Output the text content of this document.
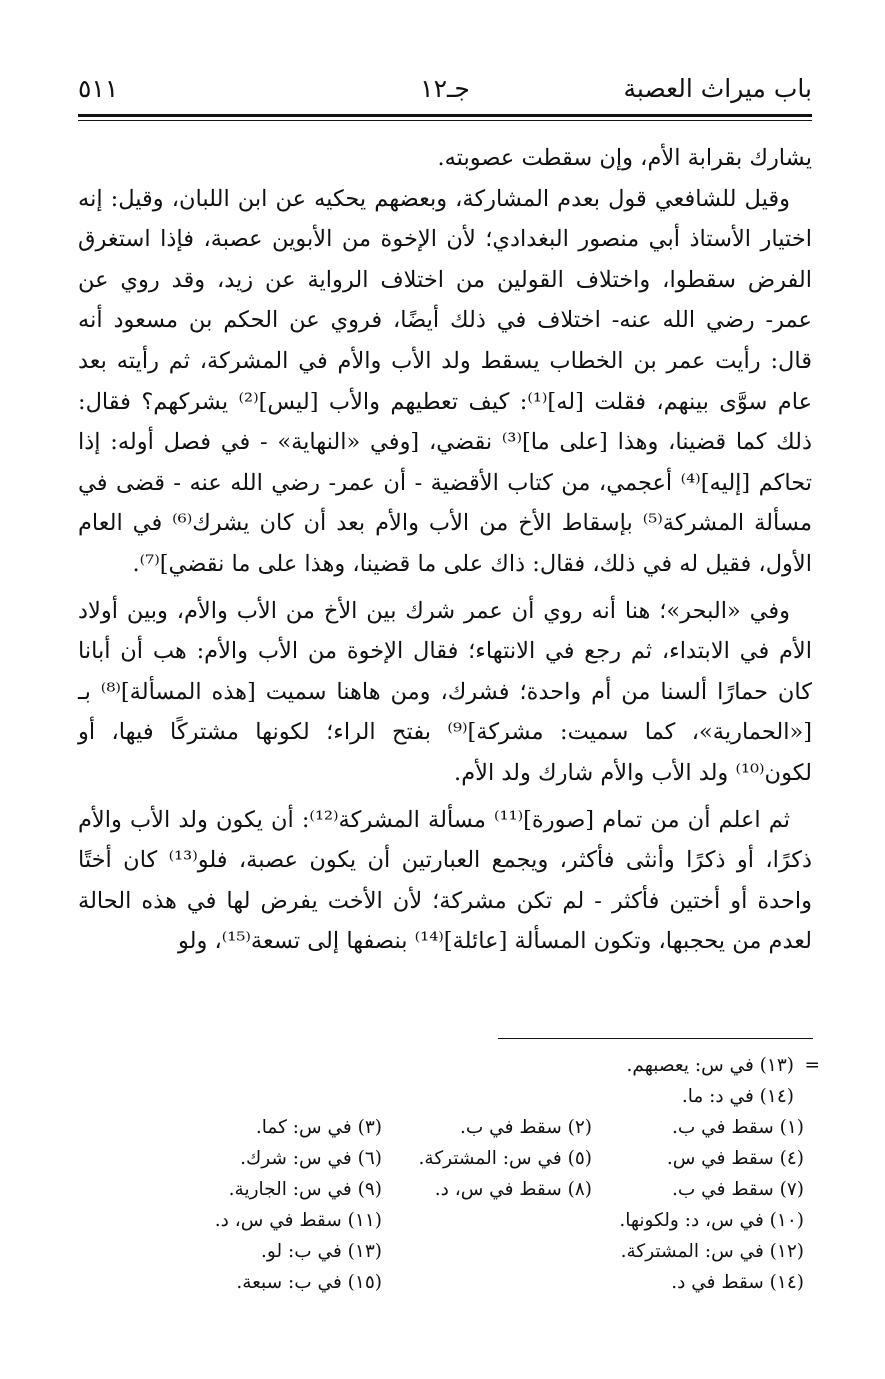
باب ميراث العصبة
جـ١٢
٥١١

يشارك بقرابة الأم، وإن سقطت عصوبته.

وقيل للشافعي قول بعدم المشاركة، وبعضهم يحكيه عن ابن اللبان، وقيل: إنه اختيار الأستاذ أبي منصور البغدادي؛ لأن الإخوة من الأبوين عصبة، فإذا استغرق الفرض سقطوا، واختلاف القولين من اختلاف الرواية عن زيد، وقد روي عن عمر- رضي الله عنه- اختلاف في ذلك أيضًا، فروي عن الحكم بن مسعود أنه قال: رأيت عمر بن الخطاب يسقط ولد الأب والأم في المشركة، ثم رأيته بعد عام سوَّى بينهم، فقلت [له]⁽¹⁾: كيف تعطيهم والأب [ليس]⁽²⁾ يشركهم؟ فقال: ذلك كما قضينا، وهذا [على ما]⁽³⁾ نقضي، [وفي «النهاية» - في فصل أوله: إذا تحاكم [إليه]⁽⁴⁾ أعجمي، من كتاب الأقضية - أن عمر- رضي الله عنه - قضى في مسألة المشركة⁽⁵⁾ بإسقاط الأخ من الأب والأم بعد أن كان يشرك⁽⁶⁾ في العام الأول، فقيل له في ذلك، فقال: ذاك على ما قضينا، وهذا على ما نقضي]⁽⁷⁾.

وفي «البحر»؛ هنا أنه روي أن عمر شرك بين الأخ من الأب والأم، وبين أولاد الأم في الابتداء، ثم رجع في الانتهاء؛ فقال الإخوة من الأب والأم: هب أن أبانا كان حمارًا ألسنا من أم واحدة؛ فشرك، ومن هاهنا سميت [هذه المسألة]⁽⁸⁾ بـ [«الحمارية»، كما سميت: مشركة]⁽⁹⁾ بفتح الراء؛ لكونها مشتركًا فيها، أو لكون⁽¹⁰⁾ ولد الأب والأم شارك ولد الأم.

ثم اعلم أن من تمام [صورة]⁽¹¹⁾ مسألة المشركة⁽¹²⁾: أن يكون ولد الأب والأم ذكرًا، أو ذكرًا وأنثى فأكثر، ويجمع العبارتين أن يكون عصبة، فلو⁽¹³⁾ كان أختًا واحدة أو أختين فأكثر - لم تكن مشركة؛ لأن الأخت يفرض لها في هذه الحالة لعدم من يحجبها، وتكون المسألة [عائلة]⁽¹⁴⁾ بنصفها إلى تسعة⁽¹⁵⁾، ولو

=
(١٣) في س: يعصبهم.
(١٤) في د: ما.
(١) سقط في ب.
(٢) سقط في ب.
(٣) في س: كما.
(٤) سقط في س.
(٥) في س: المشتركة.
(٦) في س: شرك.
(٧) سقط في ب.
(٨) سقط في س، د.
(٩) في س: الجارية.
(١٠) في س، د: ولكونها.
(١١) سقط في س، د.
(١٢) في س: المشتركة.
(١٣) في ب: لو.
(١٤) سقط في د.
(١٥) في ب: سبعة.
